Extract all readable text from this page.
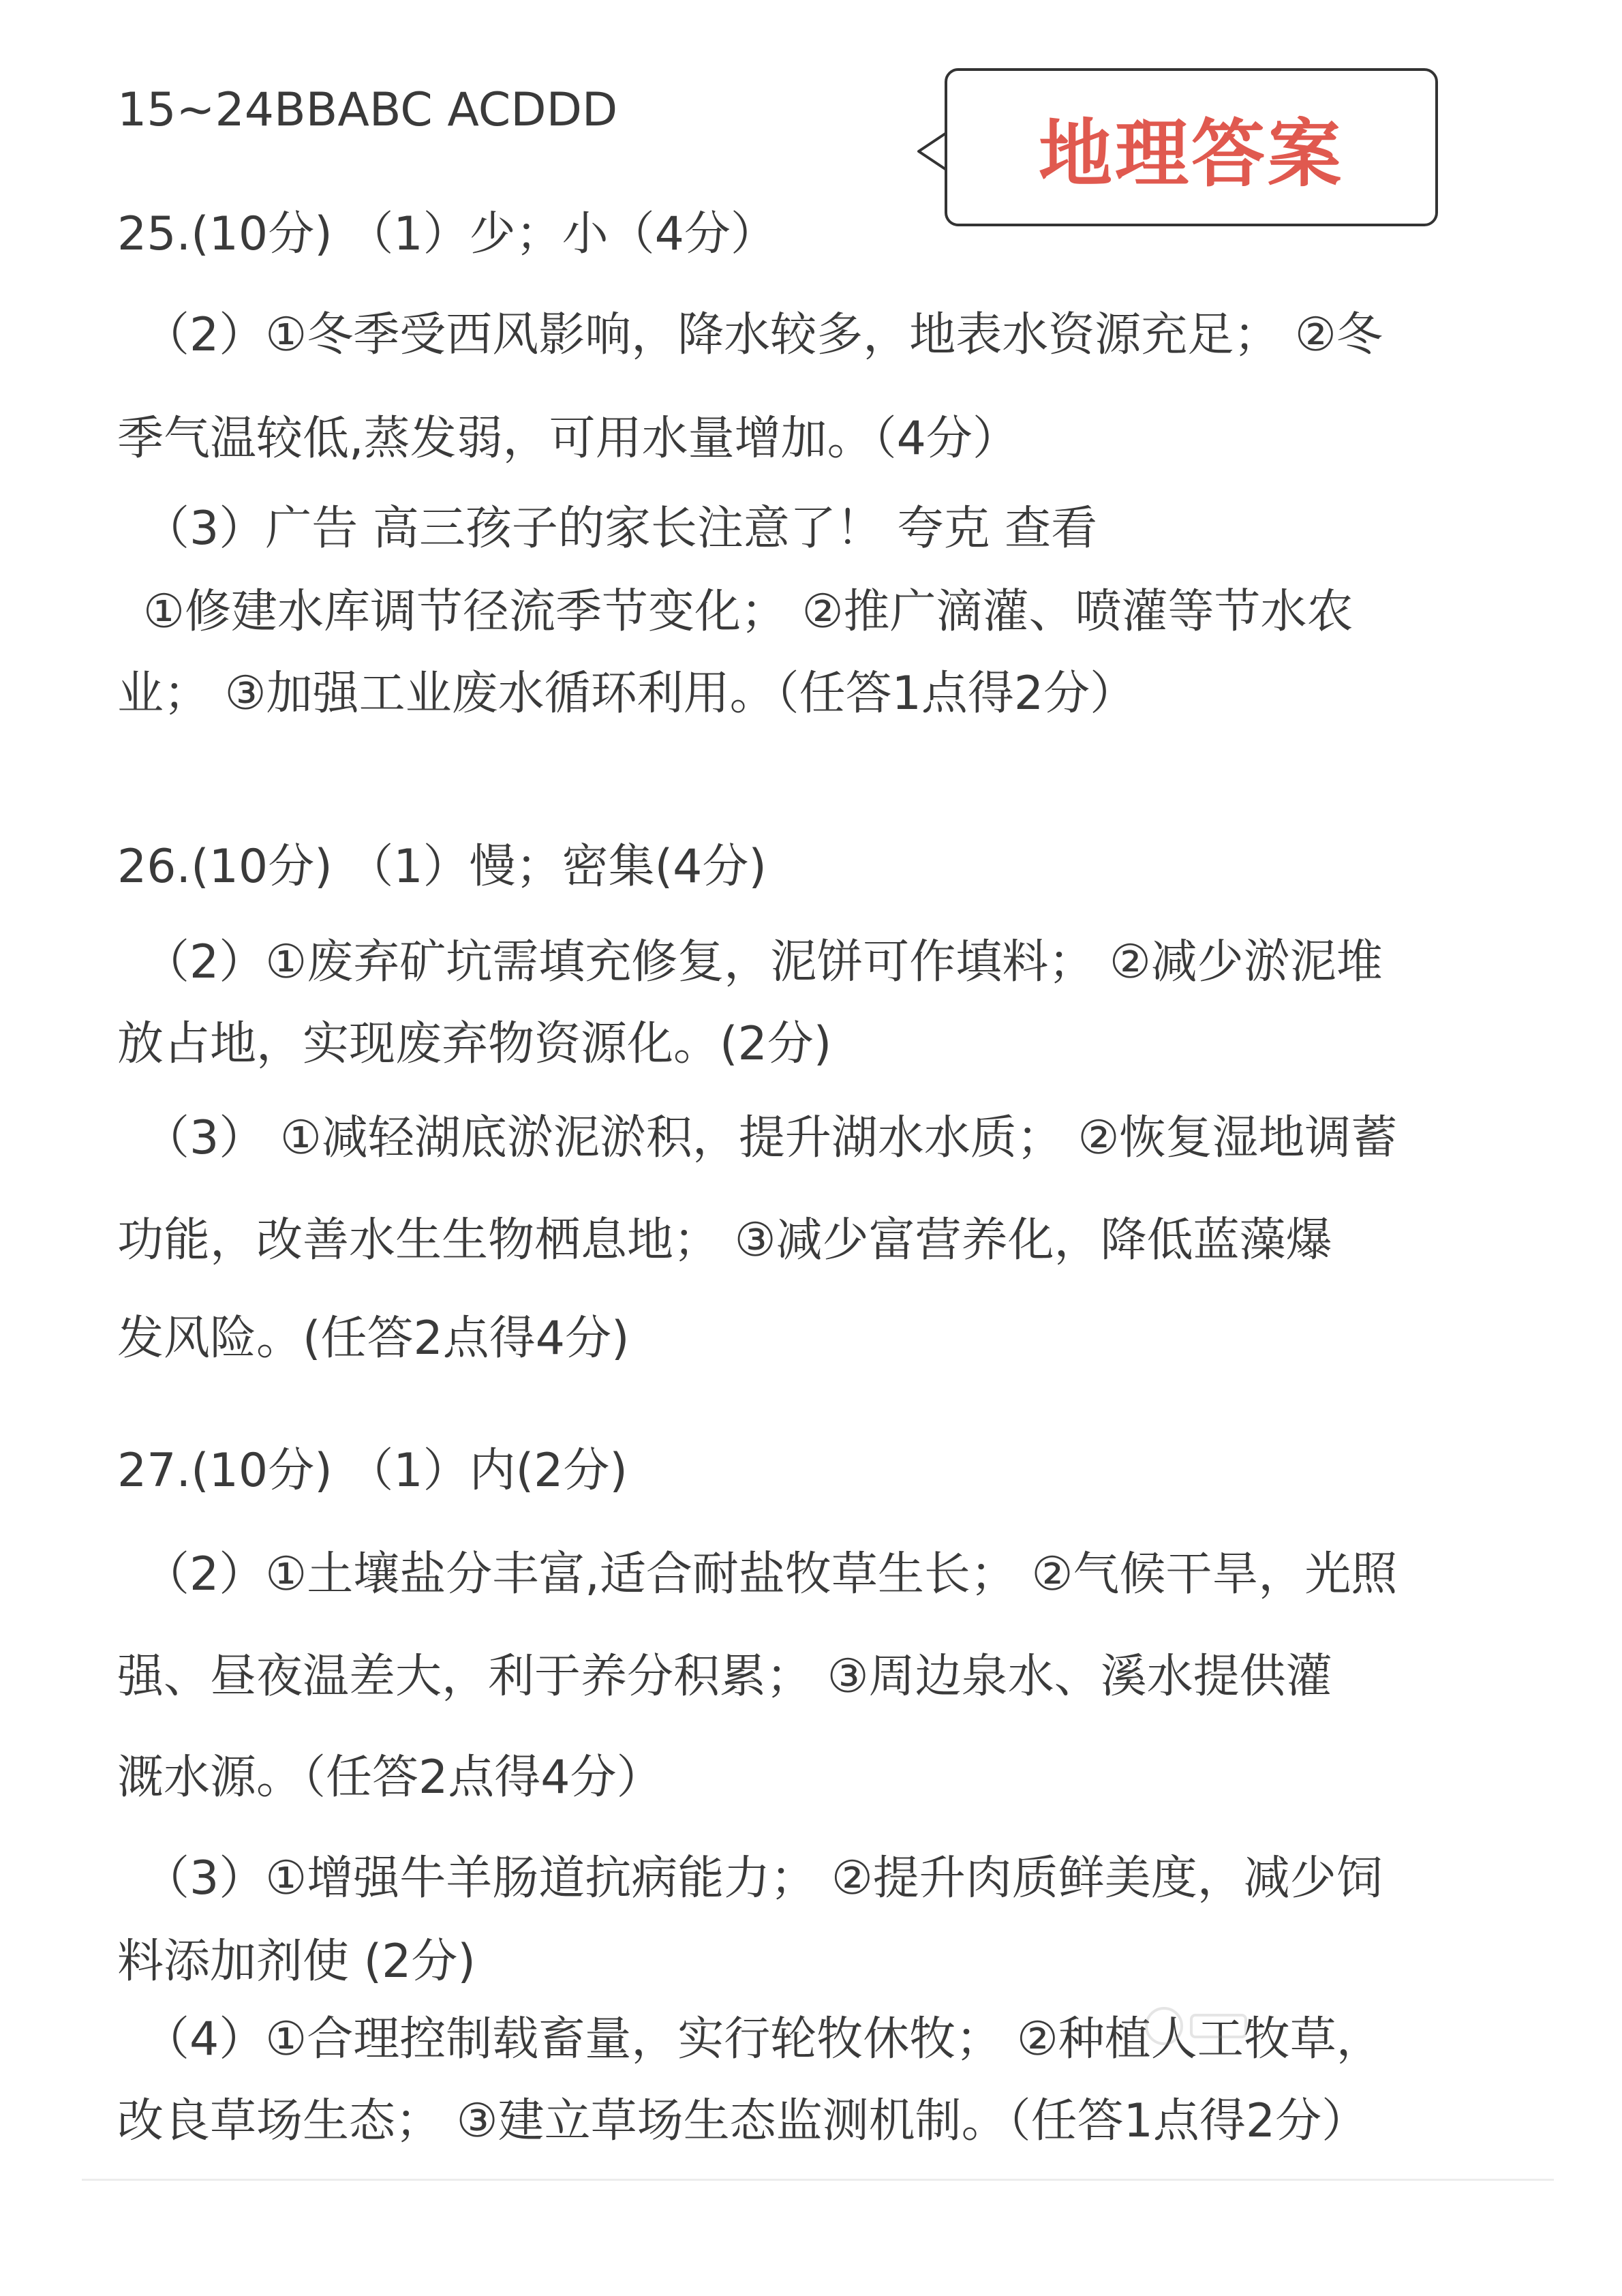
地理答案
15~24BBABC ACDDD
25.(10分) （1）少；小（4分）
（2）①冬季受西风影响，降水较多，地表水资源充足； ②冬
季气温较低,蒸发弱，可用水量增加。（4分）
（3）广告 高三孩子的家长注意了！ 夸克 查看
①修建水库调节径流季节变化； ②推广滴灌、喷灌等节水农
业； ③加强工业废水循环利用。（任答1点得2分）
26.(10分) （1）慢；密集(4分)
（2）①废弃矿坑需填充修复，泥饼可作填料； ②减少淤泥堆
放占地，实现废弃物资源化。(2分)
（3） ①减轻湖底淤泥淤积，提升湖水水质； ②恢复湿地调蓄
功能，改善水生生物栖息地； ③减少富营养化，降低蓝藻爆
发风险。(任答2点得4分)
27.(10分) （1）内(2分)
（2）①土壤盐分丰富,适合耐盐牧草生长； ②气候干旱，光照
强、昼夜温差大，利于养分积累； ③周边泉水、溪水提供灌
溉水源。（任答2点得4分）
（3）①增强牛羊肠道抗病能力； ②提升肉质鲜美度，减少饲
料添加剂使 (2分)
（4）①合理控制载畜量，实行轮牧休牧； ②种植人工牧草，
改良草场生态； ③建立草场生态监测机制。（任答1点得2分）
